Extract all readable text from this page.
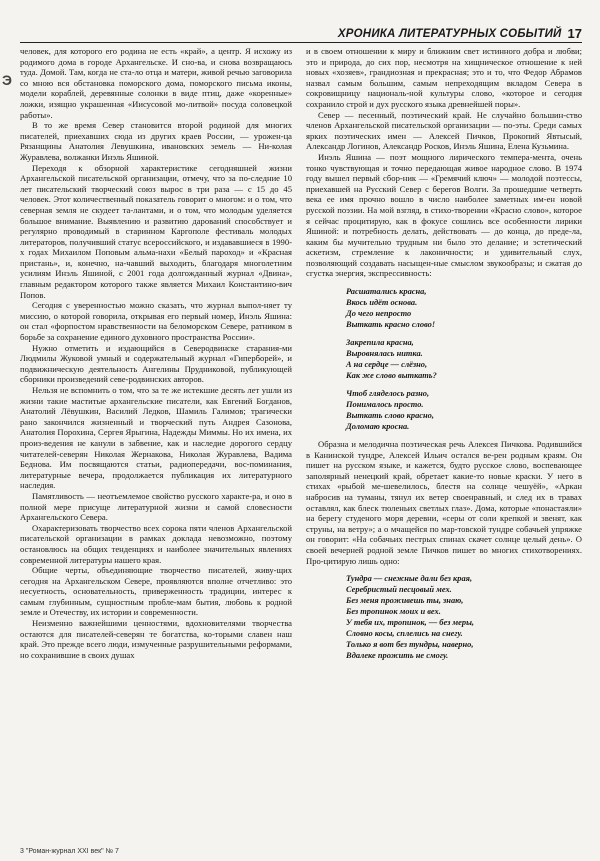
Э
ХРОНИКА ЛИТЕРАТУРНЫХ СОБЫТИЙ 17

человек, для которого его родина не есть «край», а центр. Я исхожу из родимого дома в городе Архангельске. И сно-ва, и снова возвращаюсь туда. Домой. Там, когда не ста-ло отца и матери, живой речью заговорила со мною вся обстановка поморского дома, поморского письма иконы, модели кораблей, деревянные солонки в виде птиц, даже «коренные» ложки, изящно украшенная «Иисусовой мо-литвой» посуда соловецкой работы».

В то же время Север становится второй родиной для многих писателей, приехавших сюда из других краев России, — урожен-ца Рязанщины Анатолия Левушкина, ивановских земель — Ни-колая Журавлева, волжанки Инэль Яшиной.

Переходя к обзорной характеристике сегодняшней жизни Архангельской писательской организации, отмечу, что за по-следние 10 лет писательский творческий союз вырос в три раза — с 15 до 45 человек. Этот количественный показатель говорит о многом: и о том, что северная земля не скудеет та-лантами, и о том, что молодым уделяется большое внимание. Выявлению и развитию дарований способствует и регулярно проводимый в старинном Каргополе фестиваль молодых литераторов, получивший статус всероссийского, и издававшиеся в 1990-х годах Михаилом Поповым альма-нахи «Белый пароход» и «Красная пристань», и, конечно, на-чавший выходить, благодаря многолетним усилиям Инэль Яшиной, с 2001 года долгожданный журнал «Двина», главным редактором которого также является Михаил Константино-вич Попов.

Сегодня с уверенностью можно сказать, что журнал выпол-няет ту миссию, о которой говорила, открывая его первый номер, Инэль Яшина: он стал «форпостом нравственности на беломорском Севере, ратником в борьбе за сохранение единого духовного пространства России».

Нужно отметить и издающийся в Северодвинске старания-ми Людмилы Жуковой умный и содержательный журнал «Гиперборей», и подвижническую деятельность Ангелины Прудниковой, публикующей сборники произведений севе-родвинских авторов.

Нельзя не вспомнить о том, что за те же истекшие десять лет ушли из жизни такие маститые архангельские писатели, как Евгений Богданов, Анатолий Лёвушкин, Василий Ледков, Шамиль Галимов; трагически рано закончился жизненный и творческий путь Андрея Сазонова, Анатолия Порохина, Сергея Ярыгина, Надежды Миммы. Но их имена, их произ-ведения не канули в забвение, как и наследие дорогого сердцу читателей-северян Николая Жернакова, Николая Журавлева, Вадима Беднова. Им посвящаются статьи, радиопередачи, вос-поминания, литературные вечера, продолжается публикация их литературного наследия.

Памятливость — неотъемлемое свойство русского характе-ра, и оно в полной мере присуще литературной жизни и самой словесности Архангельского Севера.

Охарактеризовать творчество всех сорока пяти членов Архангельской писательской организации в рамках доклада невозможно, поэтому остановлюсь на общих тенденциях и наиболее значительных явлениях современной литературы нашего края.

Общие черты, объединяющие творчество писателей, живу-щих сегодня на Архангельском Севере, проявляются вполне отчетливо: это несуетность, основательность, приверженность традиции, интерес к самым глубинным, сущностным пробле-мам бытия, любовь к родной земле и Отечеству, их истории и современности.

Неизменно важнейшими ценностями, вдохновителями творчества остаются для писателей-северян те богатства, ко-торыми славен наш край. Это прежде всего люди, измученные разрушительными реформами, но сохранившие в своих душах

и в своем отношении к миру и ближним свет истинного добра и любви; это и природа, до сих пор, несмотря на хищническое отношение к ней новых «хозяев», грандиозная и прекрасная; это и то, что Федор Абрамов назвал самым большим, самым непреходящим вкладом Севера в сокровищницу националь-ной культуры слово, «которое и сегодня сохранило строй и дух русского языка древнейшей поры».

Север — песенный, поэтический край. Не случайно большин-ство членов Архангельской писательской организации — по-эты. Среди самых ярких поэтических имен — Алексей Пичков, Прокопий Явтысый, Александр Логинов, Александр Росков, Инэль Яшина, Елена Кузьмина.

Инэль Яшина — поэт мощного лирического темпера-мента, очень тонко чувствующая и точно передающая живое народное слово. В 1974 году вышел первый сбор-ник — «Гремячий ключ» — молодой поэтессы, приехавшей на Русский Север с берегов Волги. За прошедшие четверть века ее имя прочно вошло в число наиболее заметных им-ен новой русской поэзии. На мой взгляд, в стихо-творении «Красно слово», которое я сейчас процитирую, как в фокусе сошлись все особенности лирики Яшиной: и потребность делать, действовать — до конца, до преде-ла, каким бы мучительно трудным ни было это делание; и эстетический аскетизм, стремление к лаконичности; и удивительный слух, позволяющий создавать насыщен-ные смыслом звукообразы; и сжатая до сгустка энергия, экспрессивность:

Расшатались красна,
Вкось идёт основа.
До чего непросто
Выткать красно слово!
Закрепила красна,
Выровнялась нитка.
А на сердце — слёзно,
Как же слово выткать?
Чтоб гляделось разно,
Понималось просто.
Выткать слово красно,
Доломаю кросна.

Образна и мелодична поэтическая речь Алексея Пичкова. Родившийся в Канинской тундре, Алексей Ильич остался ве-рен родным краям. Он пишет на русском языке, и кажется, будто русское слово, воспевающее заполярный ненецкий край, обретает какие-то новые краски. У него в стихах «рыбой ме-шевелилось, блестя на солнце чешуёй», «Аркан набросив на туманы, тянул их ветер своенравный, и след их в травах оставлял, как блеск тюленьих светлых глаз». Дома, которые «понастаяли» на берегу студеного моря деревни, «серы от соли крепкой и звенят, как струны, на ветру»; а о мчащейся по мар-товской тундре собачьей упряжке он говорит: «На собачьих пестрых спинах скачет солнце целый день». О своей вечерней родной земле Пичков пишет во многих стихотворениях. Про-цитирую лишь одно:

Тундра — снежные дали без края,
Серебристый песцовый мех.
Без меня проживешь ты, знаю,
Без тропинок моих и вех.
У тебя их, тропинок, — без меры,
Словно косы, сплелись на снегу.
Только я вот без тундры, наверно,
Вдалеке прожить не смогу.
3 "Роман-журнал XXI век" № 7
